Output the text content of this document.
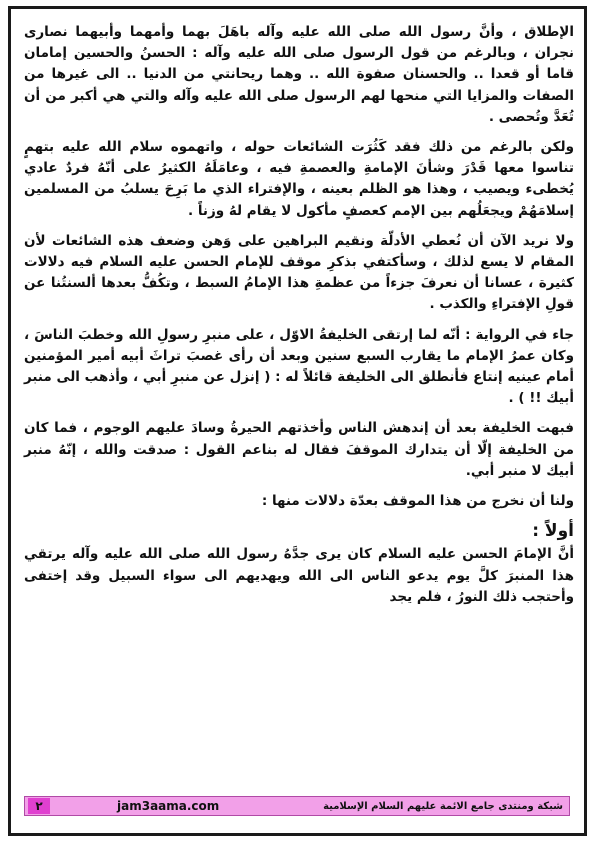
الإطلاق ، وأنَّ رسول الله صلى الله عليه وآله باهَلَ بهما وأمهما وأبيهما نصارى نجران ، وبالرغم من قول الرسول صلى الله عليه وآله : الحسنُ والحسين إمامان قاما أو قعدا .. والحسنان صفوة الله .. وهما ريحانتي من الدنيا .. الى غيرها من الصفات والمزايا التي منحها لهم الرسول صلى الله عليه وآله والتي هي أكبر من أن تُعَدَّ وتُحصى .

ولكن بالرغم من ذلك فقد كَثُرَت الشائعات حوله ، واتهموه سلام الله عليه بتهمٍ تناسوا معها قَدْرَ وشأنَ الإمامةِ والعصمةِ فيه ، وعامَلَهُ الكثيرُ على أنّهُ فردٌ عادي يُخطىء ويصيب ، وهذا هو الظلم بعينه ، والإفتراء الذي ما بَرِحَ يسلبُ من المسلمين إسلامَهُمْ ويجعَلُهم بين الإمم كعصفٍ مأكول لا يقام لهُ وزناً .

ولا نريد الآن أن نُعطي الأدلّة ونقيم البراهين على وَهن وضعف هذه الشائعات لأن المقام لا يسع لذلك ، وسأكتفي بذكرِ موقف للإمام الحسن عليه السلام فيه دلالات كثيرة ، عسانا أن نعرفَ جزءاً من عظمةِ هذا الإمامُ السبط ، وتكُفُّ بعدها ألسنتُنا عن قولِ الإفتراءِ والكذب .

جاء في الرواية : أنّه لما إرتقى الخليفةُ الاوّل ، على منبرِ رسولِ الله وخطبَ الناسَ ، وكان عمرُ الإمام ما يقارب السبع سنين وبعد أن رأى غصبَ تراثَ أبيه أمير المؤمنين أمام عينيه إنتاع فأنطلق الى الخليفة قائلاً له : ( إنزل عن منبرِ أبي ، وأذهب الى منبر أبيك !! ) .

فبهت الخليفة بعد أن إندهش الناس وأخذتهم الحيرةُ وسادَ عليهم الوجوم ، فما كان من الخليفة إلّا أن يتدارك الموقفَ فقال له بناعم القول : صدقت والله ، إنّهُ منبر أبيك لا منبر أبي.

ولنا أن نخرج من هذا الموقف بعدّة دلالات منها :

أولاً :

أنَّ الإمامَ الحسن عليه السلام كان يرى جدَّهُ رسول الله صلى الله عليه وآله يرتقي هذا المنبرَ كلَّ يوم يدعو الناس الى الله ويهديهم الى سواء السبيل وقد إختفى وأحتجب ذلك النورُ ، فلم يجد

٢	jam3aama.com	شبكة ومنتدى جامع الائمة عليهم السلام الإسلامية
